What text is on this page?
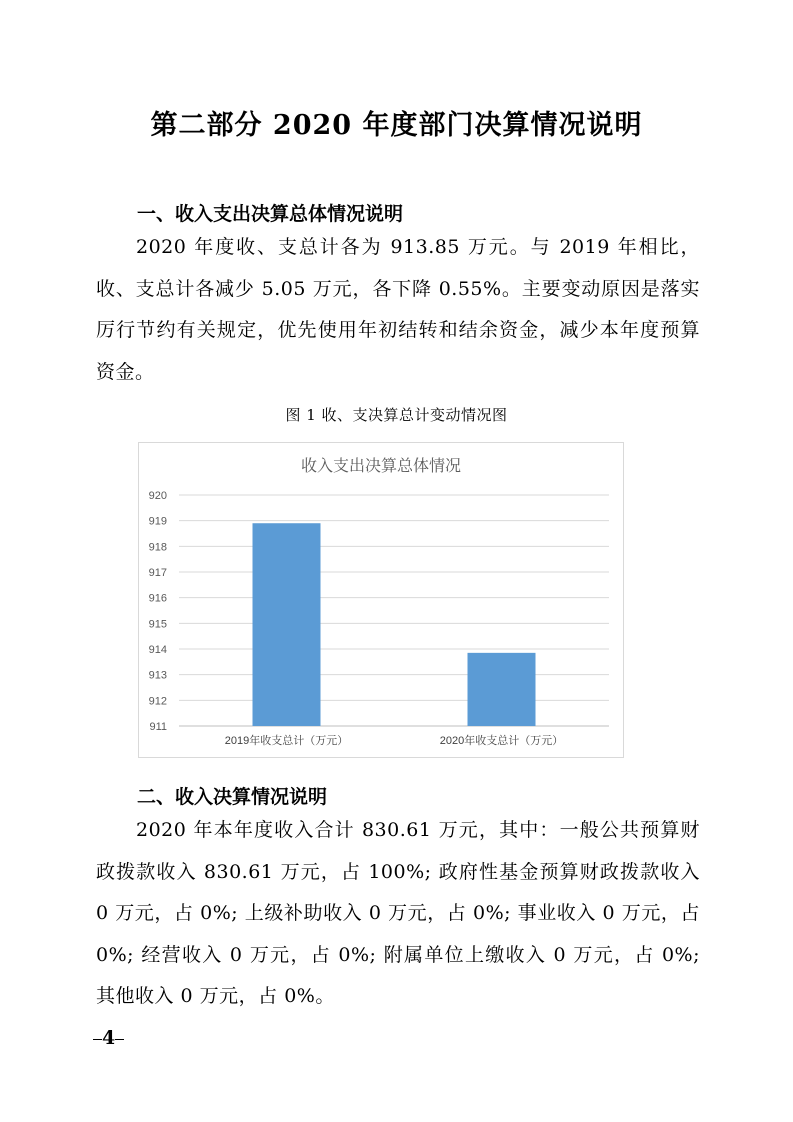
第二部分 2020 年度部门决算情况说明
一、收入支出决算总体情况说明

2020 年度收、支总计各为 913.85 万元。与 2019 年相比，收、支总计各减少 5.05 万元，各下降 0.55%。主要变动原因是落实厉行节约有关规定，优先使用年初结转和结余资金，减少本年度预算资金。

图 1 收、支决算总计变动情况图
收入支出决算总体情况
911
912
913
914
915
916
917
918
919
920
2019年收支总计（万元）	2020年收支总计（万元）
二、收入决算情况说明

2020 年本年度收入合计 830.61 万元，其中：一般公共预算财政拨款收入 830.61 万元，占 100%; 政府性基金预算财政拨款收入 0 万元，占 0%; 上级补助收入 0 万元，占 0%; 事业收入 0 万元，占 0%; 经营收入 0 万元，占 0%; 附属单位上缴收入 0 万元，占 0%; 其他收入 0 万元，占 0%。

4
